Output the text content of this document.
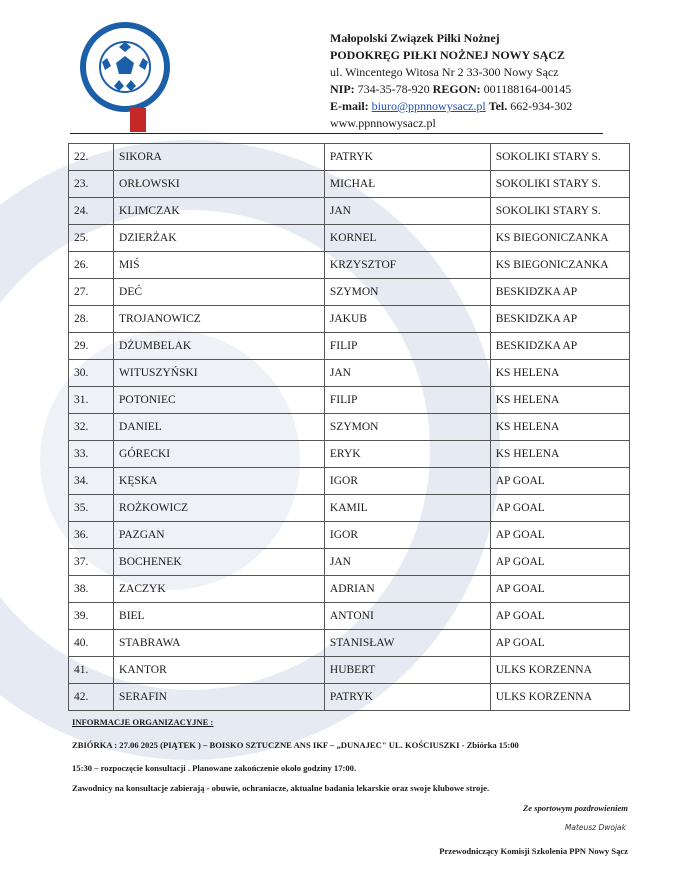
Małopolski Związek Piłki Nożnej
PODOKRĘG PIŁKI NOŻNEJ NOWY SĄCZ
ul. Wincentego Witosa Nr 2 33-300 Nowy Sącz
NIP: 734-35-78-920 REGON: 001188164-00145
E-mail: biuro@ppnnowysacz.pl Tel. 662-934-302
www.ppnnowysacz.pl
22.	SIKORA	PATRYK	SOKOLIKI STARY S.
23.	ORŁOWSKI	MICHAŁ	SOKOLIKI STARY S.
24.	KLIMCZAK	JAN	SOKOLIKI STARY S.
25.	DZIERŻAK	KORNEL	KS BIEGONICZANKA
26.	MIŚ	KRZYSZTOF	KS BIEGONICZANKA
27.	DEĆ	SZYMON	BESKIDZKA AP
28.	TROJANOWICZ	JAKUB	BESKIDZKA AP
29.	DŻUMBELAK	FILIP	BESKIDZKA AP
30.	WITUSZYŃSKI	JAN	KS HELENA
31.	POTONIEC	FILIP	KS HELENA
32.	DANIEL	SZYMON	KS HELENA
33.	GÓRECKI	ERYK	KS HELENA
34.	KĘSKA	IGOR	AP GOAL
35.	ROŻKOWICZ	KAMIL	AP GOAL
36.	PAZGAN	IGOR	AP GOAL
37.	BOCHENEK	JAN	AP GOAL
38.	ZACZYK	ADRIAN	AP GOAL
39.	BIEL	ANTONI	AP GOAL
40.	STABRAWA	STANISŁAW	AP GOAL
41.	KANTOR	HUBERT	ULKS KORZENNA
42.	SERAFIN	PATRYK	ULKS KORZENNA
INFORMACJE ORGANIZACYJNE :
ZBIÓRKA : 27.06 2025 (PIĄTEK ) – BOISKO SZTUCZNE ANS IKF – „DUNAJEC" UL. KOŚCIUSZKI - Zbiórka 15:00
15:30 – rozpoczęcie konsultacji . Planowane zakończenie około godziny 17:00.
Zawodnicy na konsultacje zabierają - obuwie, ochraniacze, aktualne badania lekarskie oraz swoje klubowe stroje.
Ze sportowym pozdrowieniem
Mateusz Dwojak
Przewodniczący Komisji Szkolenia PPN Nowy Sącz
